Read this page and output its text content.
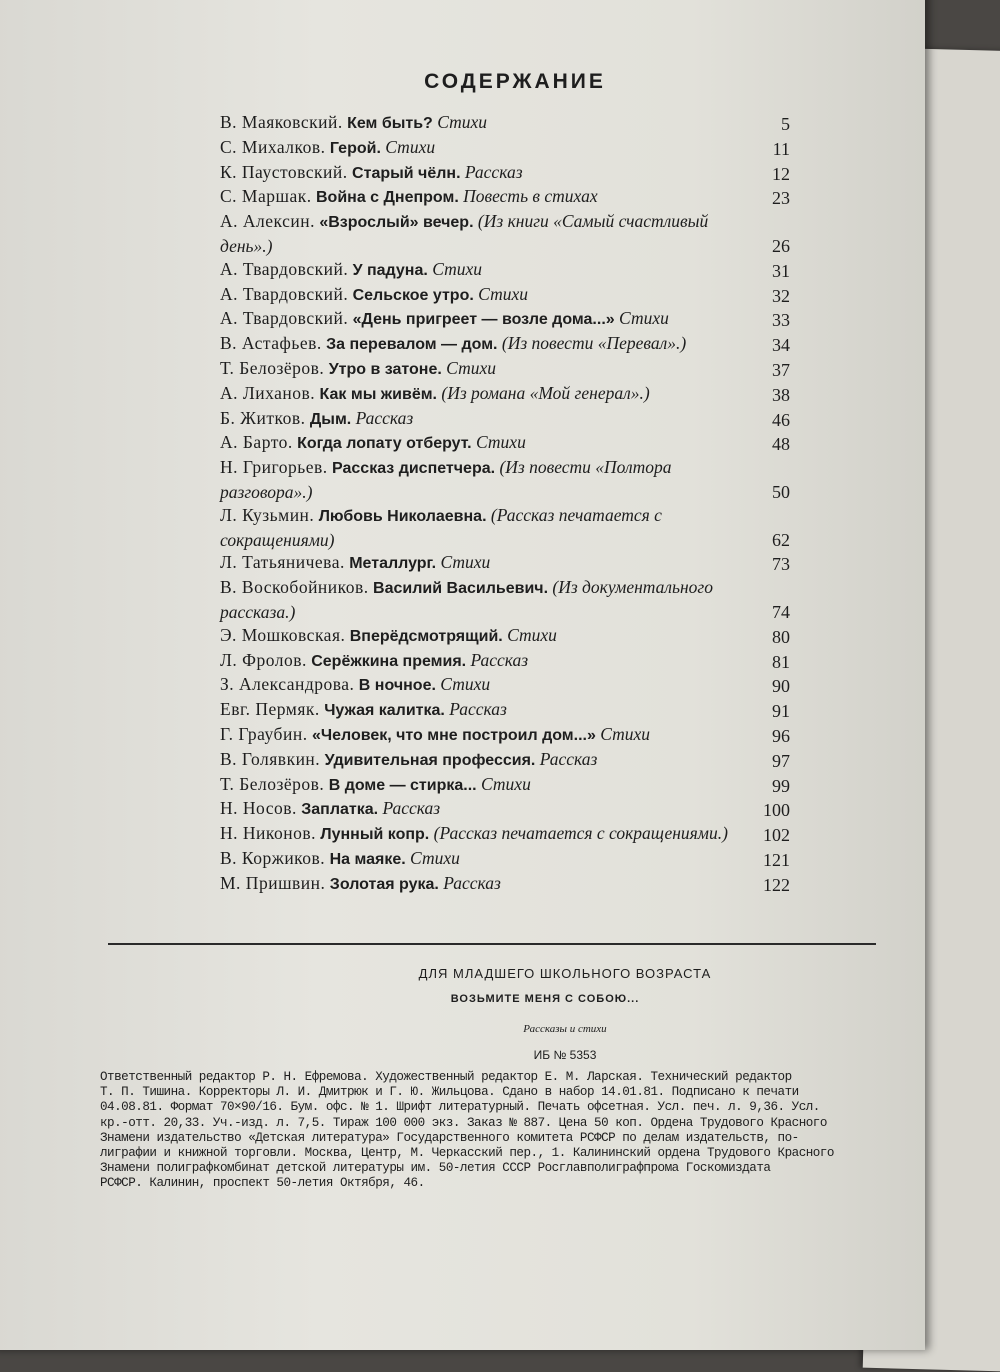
СОДЕРЖАНИЕ
В. Маяковский. Кем быть? Стихи	5
С. Михалков. Герой. Стихи	11
К. Паустовский. Старый чёлн. Рассказ	12
С. Маршак. Война с Днепром. Повесть в стихах	23
А. Алексин. «Взрослый» вечер. (Из книги «Самый счастливый день».)	26
А. Твардовский. У падуна. Стихи	31
А. Твардовский. Сельское утро. Стихи	32
А. Твардовский. «День пригреет — возле дома...» Стихи	33
В. Астафьев. За перевалом — дом. (Из повести «Перевал».)	34
Т. Белозёров. Утро в затоне. Стихи	37
А. Лиханов. Как мы живём. (Из романа «Мой генерал».)	38
Б. Житков. Дым. Рассказ	46
А. Барто. Когда лопату отберут. Стихи	48
Н. Григорьев. Рассказ диспетчера. (Из повести «Полтора разговора».)	50
Л. Кузьмин. Любовь Николаевна. (Рассказ печатается с сокращениями)	62
Л. Татьяничева. Металлург. Стихи	73
В. Воскобойников. Василий Васильевич. (Из документального рассказа.)	74
Э. Мошковская. Вперёдсмотрящий. Стихи	80
Л. Фролов. Серёжкина премия. Рассказ	81
З. Александрова. В ночное. Стихи	90
Евг. Пермяк. Чужая калитка. Рассказ	91
Г. Граубин. «Человек, что мне построил дом...» Стихи	96
В. Голявкин. Удивительная профессия. Рассказ	97
Т. Белозёров. В доме — стирка... Стихи	99
Н. Носов. Заплатка. Рассказ	100
Н. Никонов. Лунный копр. (Рассказ печатается с сокращениями.)	102
В. Коржиков. На маяке. Стихи	121
М. Пришвин. Золотая рука. Рассказ	122
ДЛЯ МЛАДШЕГО ШКОЛЬНОГО ВОЗРАСТА
ВОЗЬМИТЕ МЕНЯ С СОБОЮ...
Рассказы и стихи
ИБ № 5353
Ответственный редактор Р. Н. Ефремова. Художественный редактор Е. М. Ларская. Технический редактор
Т. П. Тишина. Корректоры Л. И. Дмитрюк и Г. Ю. Жильцова. Сдано в набор 14.01.81. Подписано к печати
04.08.81. Формат 70×90/16. Бум. офс. № 1. Шрифт литературный. Печать офсетная. Усл. печ. л. 9,36. Усл.
кр.-отт. 20,33. Уч.-изд. л. 7,5. Тираж 100 000 экз. Заказ № 887. Цена 50 коп. Ордена Трудового Красного
Знамени издательство «Детская литература» Государственного комитета РСФСР по делам издательств, по-
лиграфии и книжной торговли. Москва, Центр, М. Черкасский пер., 1. Калининский ордена Трудового Красного
Знамени полиграфкомбинат детской литературы им. 50-летия СССР Росглавполиграфпрома Госкомиздата
РСФСР. Калинин, проспект 50-летия Октября, 46.
